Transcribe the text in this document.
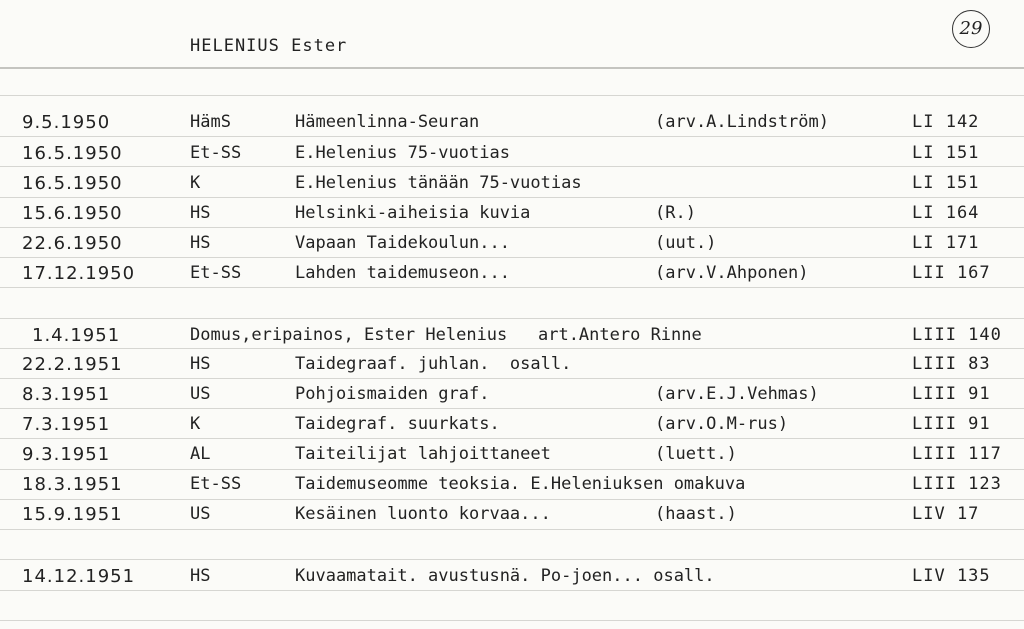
HELENIUS Ester
29
9.5.1950	HämS	Hämeenlinna-Seuran	(arv.A.Lindström)	LI 142
16.5.1950	Et-SS	E.Helenius 75-vuotias	LI 151
16.5.1950	K	E.Helenius tänään 75-vuotias	LI 151
15.6.1950	HS	Helsinki-aiheisia kuvia	(R.)	LI 164
22.6.1950	HS	Vapaan Taidekoulun...	(uut.)	LI 171
17.12.1950	Et-SS	Lahden taidemuseon...	(arv.V.Ahponen)	LII 167
1.4.1951	Domus,eripainos, Ester Helenius   art.Antero Rinne	LIII 140
22.2.1951	HS	Taidegraaf. juhlan.  osall.	LIII 83
8.3.1951	US	Pohjoismaiden graf.	(arv.E.J.Vehmas)	LIII 91
7.3.1951	K	Taidegraf. suurkats.	(arv.O.M-rus)	LIII 91
9.3.1951	AL	Taiteilijat lahjoittaneet	(luett.)	LIII 117
18.3.1951	Et-SS	Taidemuseomme teoksia. E.Heleniuksen omakuva	LIII 123
15.9.1951	US	Kesäinen luonto korvaa...	(haast.)	LIV 17
14.12.1951	HS	Kuvaamatait. avustusnä. Po-joen... osall.	LIV 135
